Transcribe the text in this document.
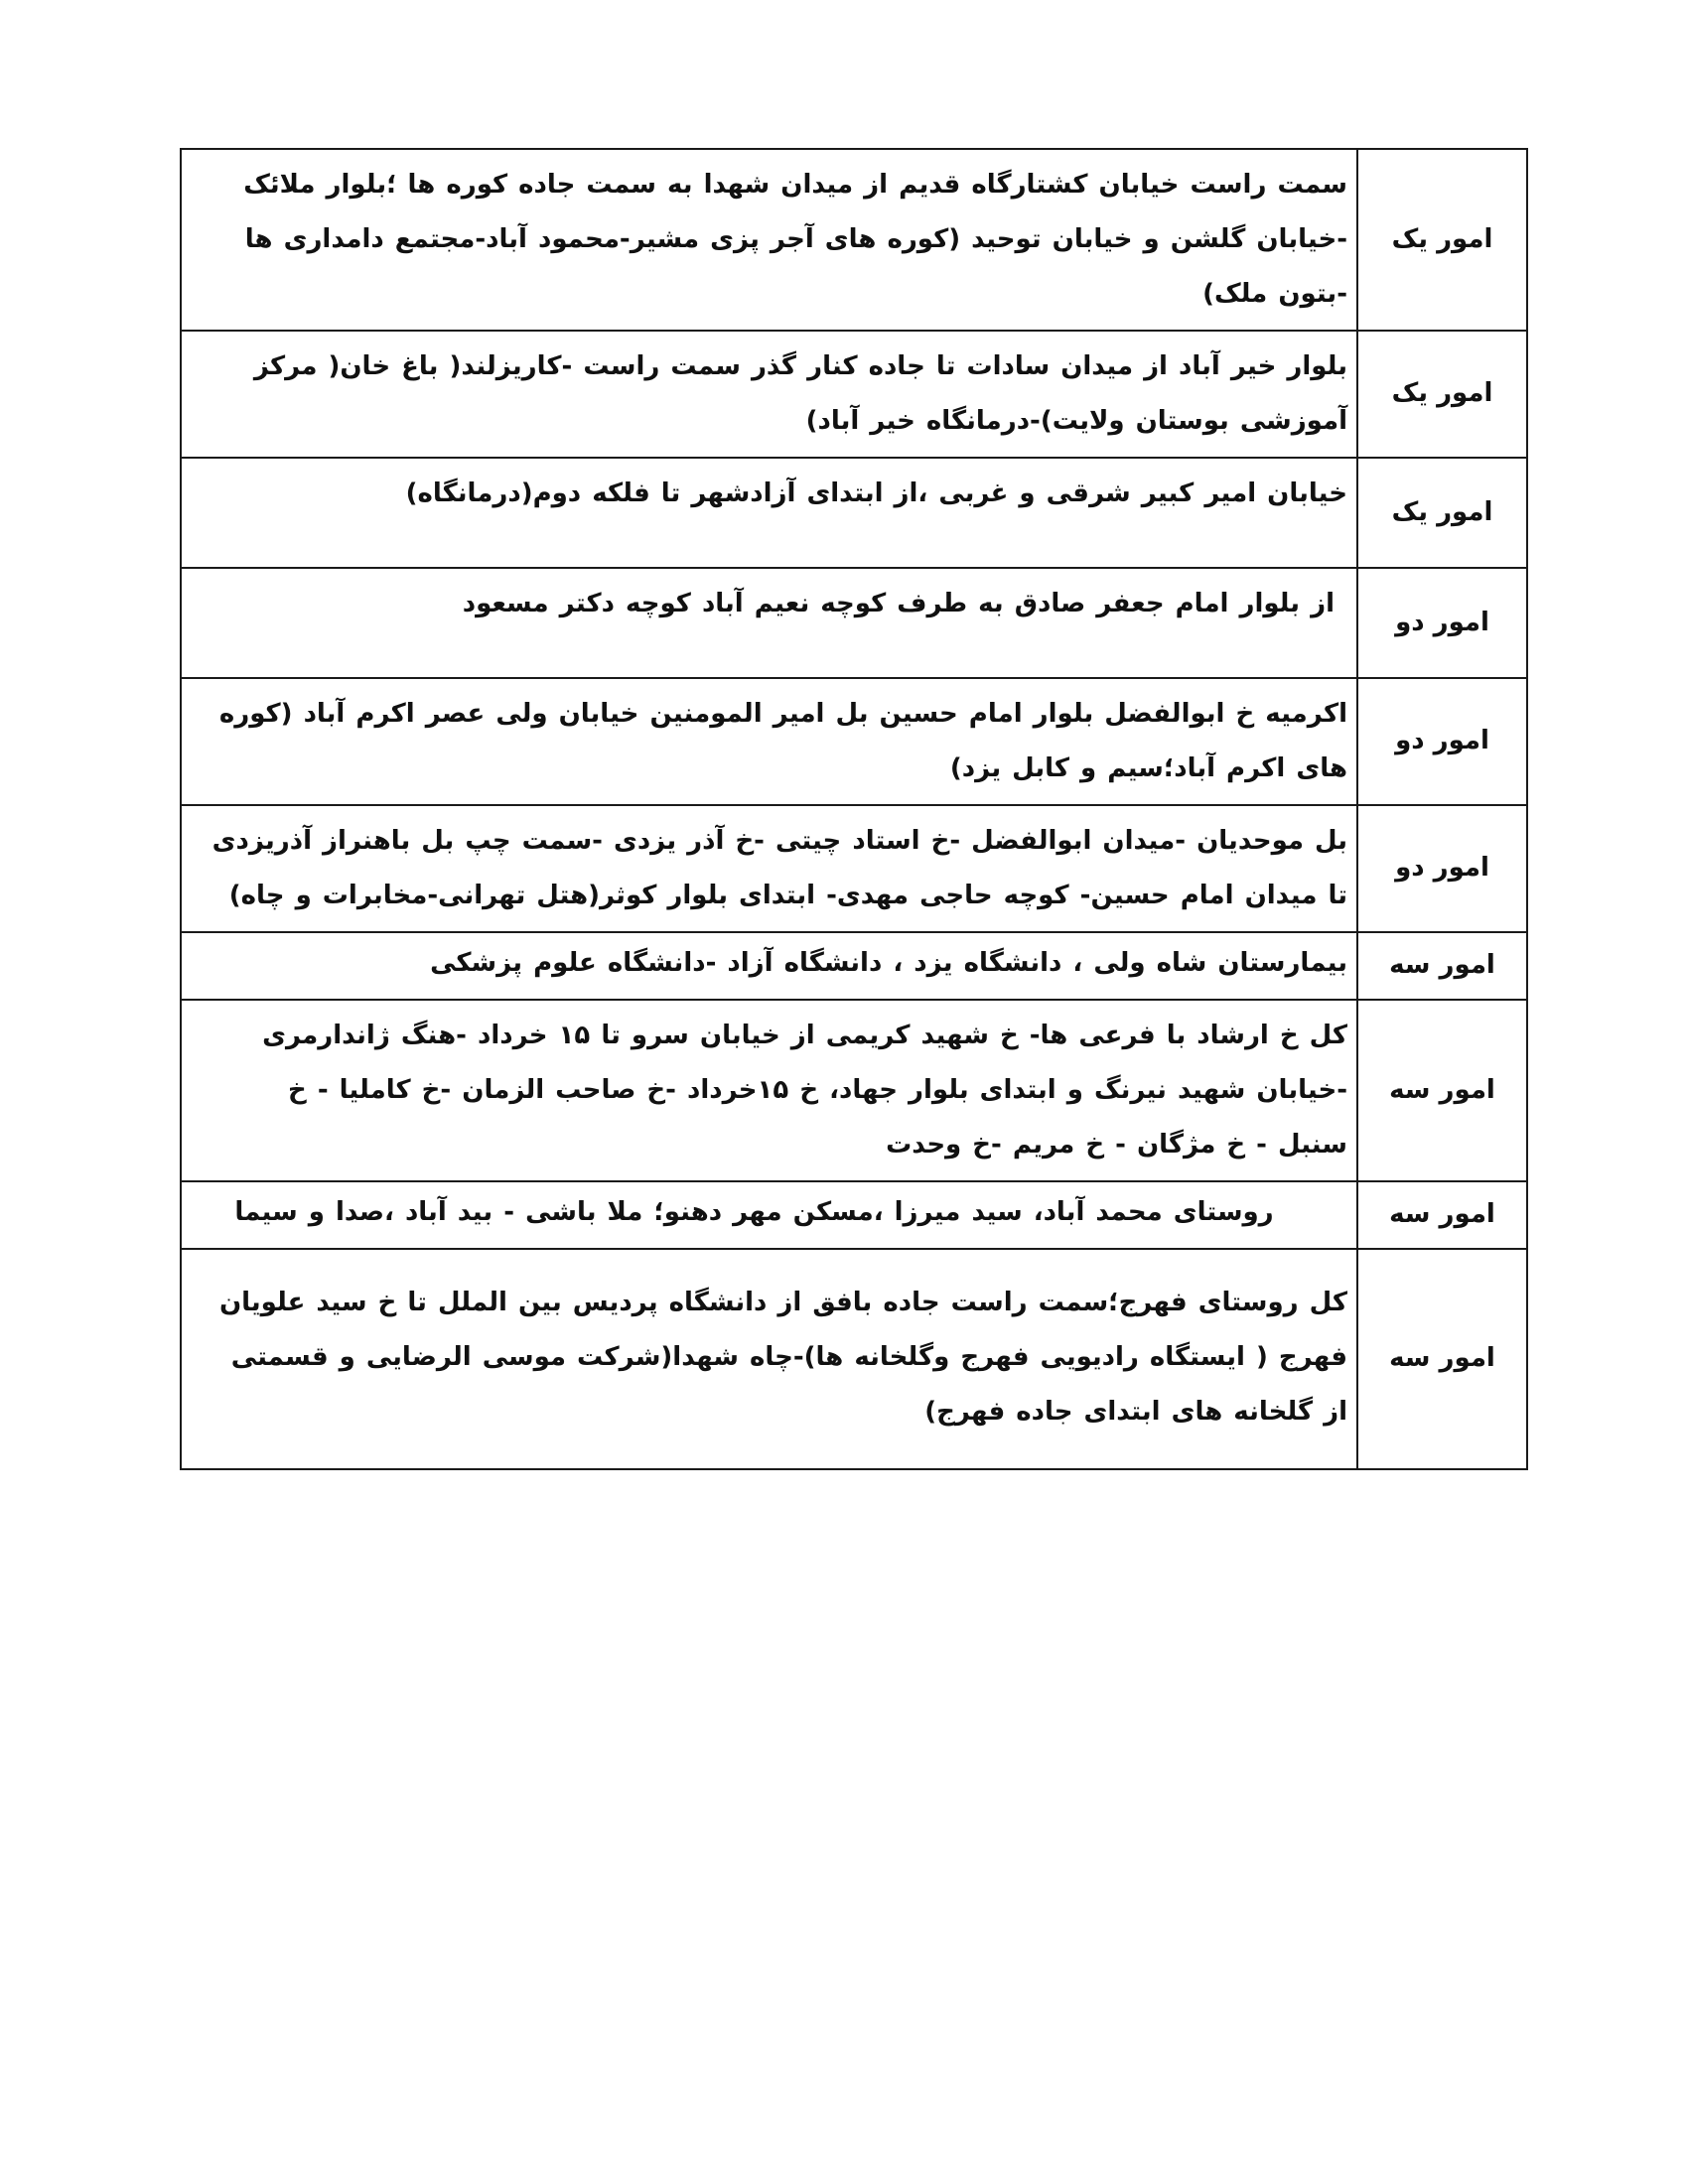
امور یک	سمت راست خیابان کشتارگاه قدیم از میدان شهدا به سمت جاده کوره ها ؛بلوار ملائک -خیابان گلشن و خیابان توحید (کوره های آجر پزی مشیر-محمود آباد-مجتمع دامداری ها -بتون ملک)
امور یک	بلوار خیر آباد از میدان سادات تا جاده کنار گذر سمت راست -کاریزلند( باغ خان( مرکز آموزشی بوستان ولایت)-درمانگاه خیر آباد)
امور یک	خیابان امیر کبیر شرقی و غربی ،از ابتدای آزادشهر تا فلکه دوم(درمانگاه)
امور دو	از بلوار امام جعفر صادق به طرف کوچه نعیم آباد کوچه دکتر مسعود
امور دو	اکرمیه خ ابوالفضل بلوار امام حسین بل امیر المومنین خیابان ولی عصر اکرم آباد (کوره های اکرم آباد؛سیم و کابل یزد)
امور دو	بل موحدیان -میدان ابوالفضل -خ استاد چیتی -خ آذر یزدی -سمت چپ بل باهنراز آذریزدی تا میدان امام حسین- کوچه حاجی مهدی- ابتدای بلوار کوثر(هتل تهرانی-مخابرات و چاه)
امور سه	بیمارستان شاه ولی ، دانشگاه یزد ، دانشگاه آزاد -دانشگاه علوم پزشکی
امور سه	کل خ ارشاد با فرعی ها- خ شهید کریمی از خیابان سرو تا ۱۵ خرداد -هنگ ژاندارمری -خیابان شهید نیرنگ و ابتدای بلوار جهاد، خ ۱۵خرداد -خ صاحب الزمان -خ کاملیا - خ سنبل - خ مژگان - خ مریم -خ وحدت
امور سه	روستای محمد آباد، سید میرزا ،مسکن مهر دهنو؛ ملا باشی - بید آباد ،صدا و سیما
امور سه	کل روستای فهرج؛سمت راست جاده بافق از دانشگاه پردیس بین الملل تا خ سید علویان فهرج ( ایستگاه رادیویی فهرج وگلخانه ها)-چاه شهدا(شرکت موسی الرضایی و قسمتی از گلخانه های ابتدای جاده فهرج)
